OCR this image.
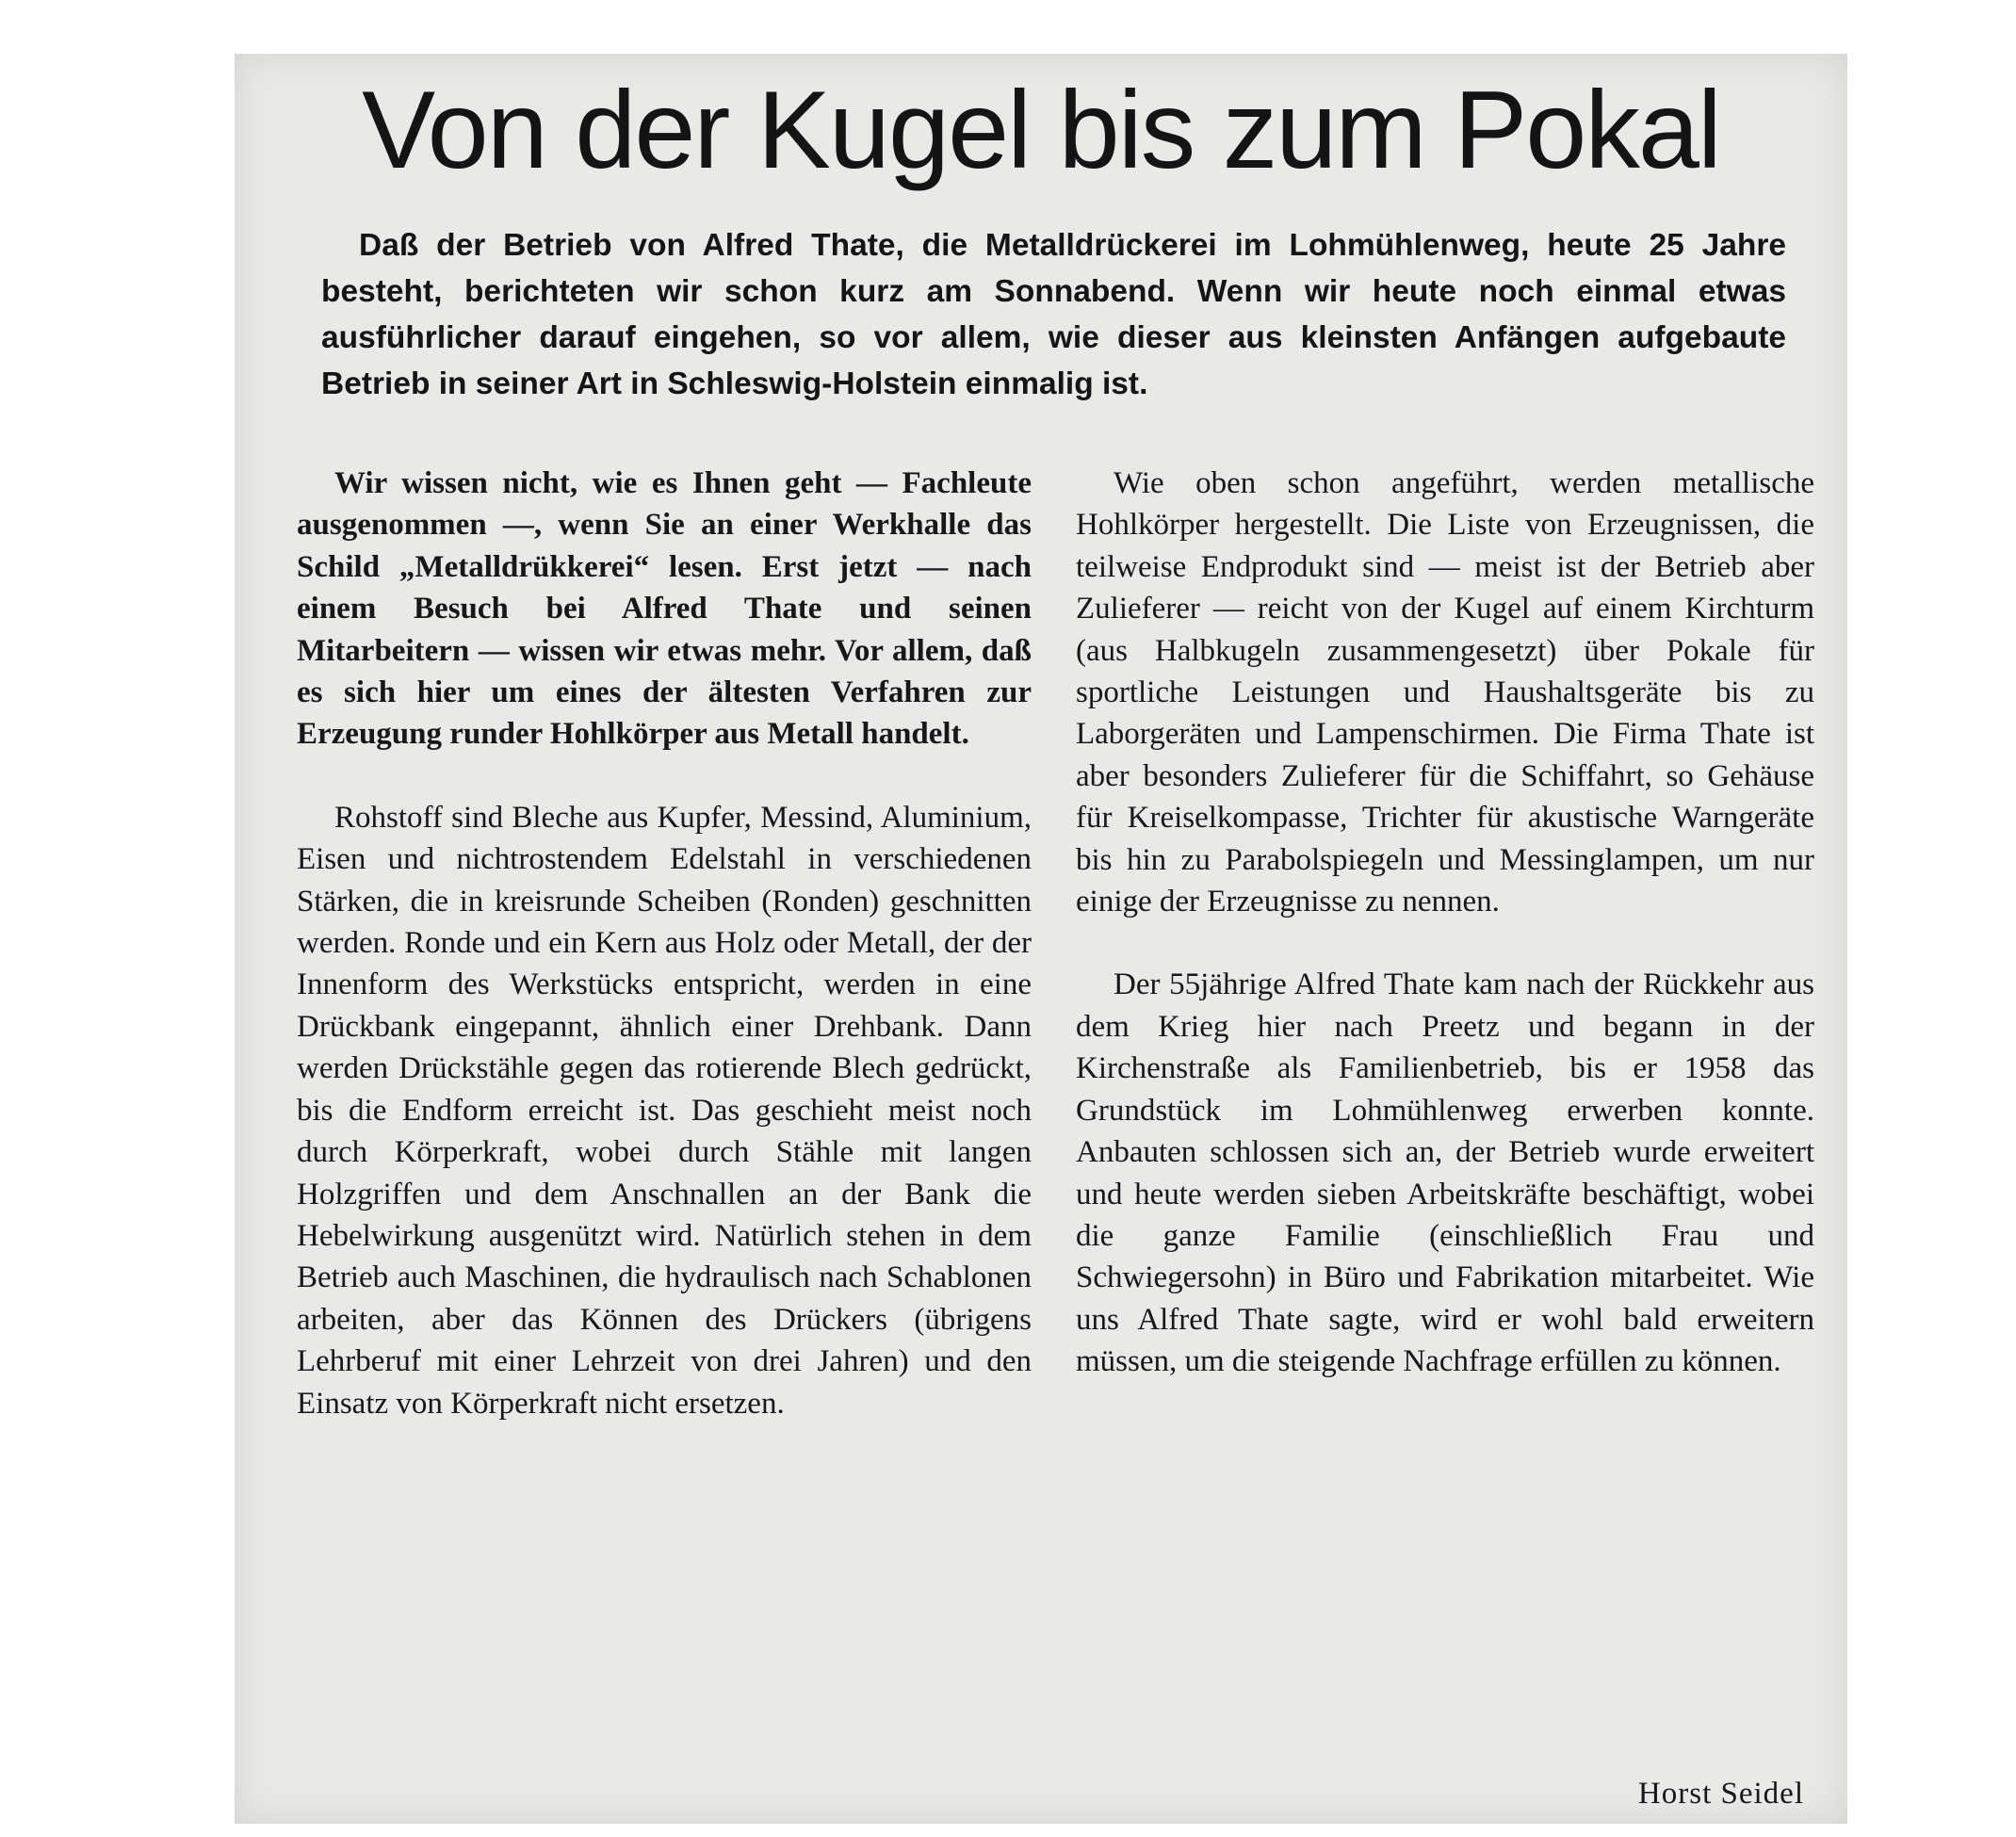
Von der Kugel bis zum Pokal

Daß der Betrieb von Alfred Thate, die Metalldrückerei im Lohmühlenweg, heute 25 Jahre besteht, berichteten wir schon kurz am Sonnabend. Wenn wir heute noch einmal etwas ausführlicher darauf eingehen, so vor allem, wie dieser aus kleinsten Anfängen aufgebaute Betrieb in seiner Art in Schleswig-Holstein einmalig ist.

Wir wissen nicht, wie es Ihnen geht — Fachleute ausgenommen —, wenn Sie an einer Werkhalle das Schild „Metalldrükkerei“ lesen. Erst jetzt — nach einem Besuch bei Alfred Thate und seinen Mitarbeitern — wissen wir etwas mehr. Vor allem, daß es sich hier um eines der ältesten Verfahren zur Erzeugung runder Hohlkörper aus Metall handelt.

Rohstoff sind Bleche aus Kupfer, Messind, Aluminium, Eisen und nichtrostendem Edelstahl in verschiedenen Stärken, die in kreisrunde Scheiben (Ronden) geschnitten werden. Ronde und ein Kern aus Holz oder Metall, der der Innenform des Werkstücks entspricht, werden in eine Drückbank eingepannt, ähnlich einer Drehbank. Dann werden Drückstähle gegen das rotierende Blech gedrückt, bis die Endform erreicht ist. Das geschieht meist noch durch Körperkraft, wobei durch Stähle mit langen Holzgriffen und dem Anschnallen an der Bank die Hebelwirkung ausgenützt wird. Natürlich stehen in dem Betrieb auch Maschinen, die hydraulisch nach Schablonen arbeiten, aber das Können des Drückers (übrigens Lehrberuf mit einer Lehrzeit von drei Jahren) und den Einsatz von Körperkraft nicht ersetzen.

Wie oben schon angeführt, werden metallische Hohlkörper hergestellt. Die Liste von Erzeugnissen, die teilweise Endprodukt sind — meist ist der Betrieb aber Zulieferer — reicht von der Kugel auf einem Kirchturm (aus Halbkugeln zusammengesetzt) über Pokale für sportliche Leistungen und Haushaltsgeräte bis zu Laborgeräten und Lampenschirmen. Die Firma Thate ist aber besonders Zulieferer für die Schiffahrt, so Gehäuse für Kreiselkompasse, Trichter für akustische Warngeräte bis hin zu Parabolspiegeln und Messinglampen, um nur einige der Erzeugnisse zu nennen.

Der 55jährige Alfred Thate kam nach der Rückkehr aus dem Krieg hier nach Preetz und begann in der Kirchenstraße als Familienbetrieb, bis er 1958 das Grundstück im Lohmühlenweg erwerben konnte. Anbauten schlossen sich an, der Betrieb wurde erweitert und heute werden sieben Arbeitskräfte beschäftigt, wobei die ganze Familie (einschließlich Frau und Schwiegersohn) in Büro und Fabrikation mitarbeitet. Wie uns Alfred Thate sagte, wird er wohl bald erweitern müssen, um die steigende Nachfrage erfüllen zu können.

Horst Seidel
